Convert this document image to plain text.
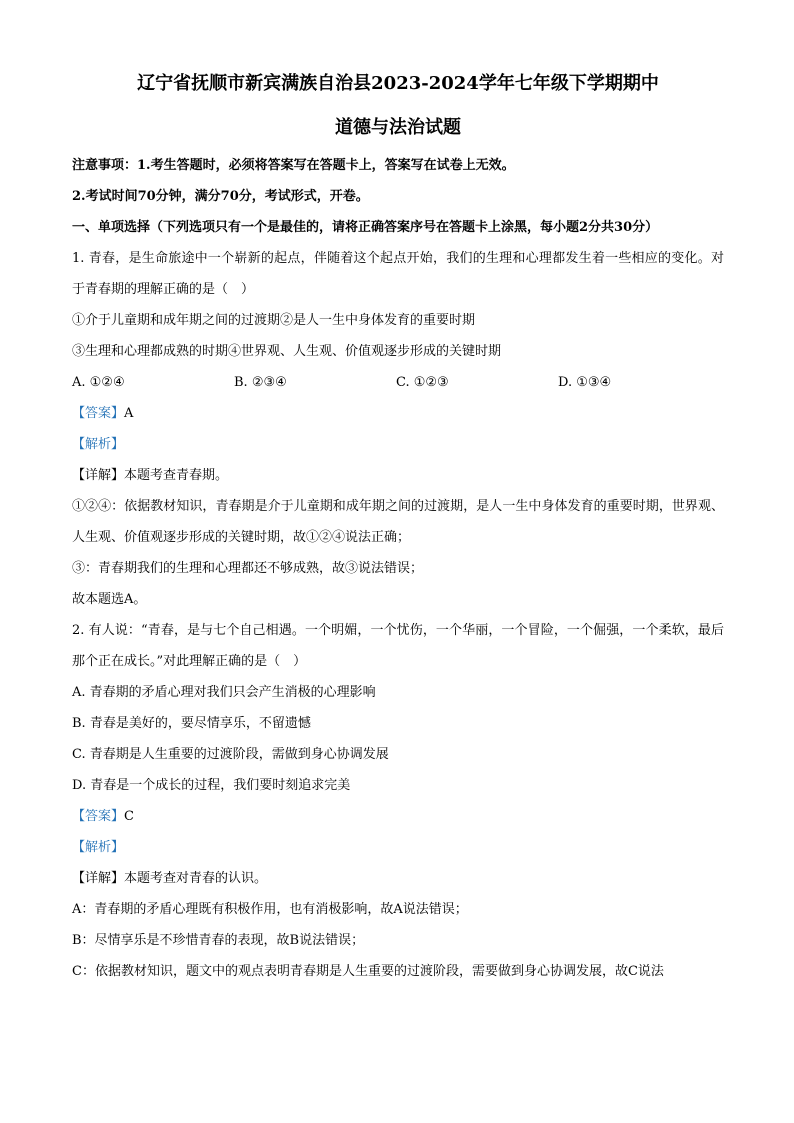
辽宁省抚顺市新宾满族自治县2023-2024学年七年级下学期期中
道德与法治试题
注意事项：1.考生答题时，必须将答案写在答题卡上，答案写在试卷上无效。
2.考试时间70分钟，满分70分，考试形式，开卷。
一、单项选择（下列选项只有一个是最佳的，请将正确答案序号在答题卡上涂黑，每小题2分共30分）
1. 青春，是生命旅途中一个崭新的起点，伴随着这个起点开始，我们的生理和心理都发生着一些相应的变化。对于青春期的理解正确的是（　）
①介于儿童期和成年期之间的过渡期②是人一生中身体发育的重要时期
③生理和心理都成熟的时期④世界观、人生观、价值观逐步形成的关键时期
A. ①②④	B. ②③④	C. ①②③	D. ①③④
【答案】A
【解析】
【详解】本题考查青春期。
①②④：依据教材知识，青春期是介于儿童期和成年期之间的过渡期，是人一生中身体发育的重要时期，世界观、人生观、价值观逐步形成的关键时期，故①②④说法正确；
③：青春期我们的生理和心理都还不够成熟，故③说法错误；
故本题选A。
2. 有人说：“青春，是与七个自己相遇。一个明媚，一个忧伤，一个华丽，一个冒险，一个倔强，一个柔软，最后那个正在成长。”对此理解正确的是（　）
A. 青春期的矛盾心理对我们只会产生消极的心理影响
B. 青春是美好的，要尽情享乐，不留遗憾
C. 青春期是人生重要的过渡阶段，需做到身心协调发展
D. 青春是一个成长的过程，我们要时刻追求完美
【答案】C
【解析】
【详解】本题考查对青春的认识。
A：青春期的矛盾心理既有积极作用，也有消极影响，故A说法错误；
B：尽情享乐是不珍惜青春的表现，故B说法错误；
C：依据教材知识，题文中的观点表明青春期是人生重要的过渡阶段，需要做到身心协调发展，故C说法
